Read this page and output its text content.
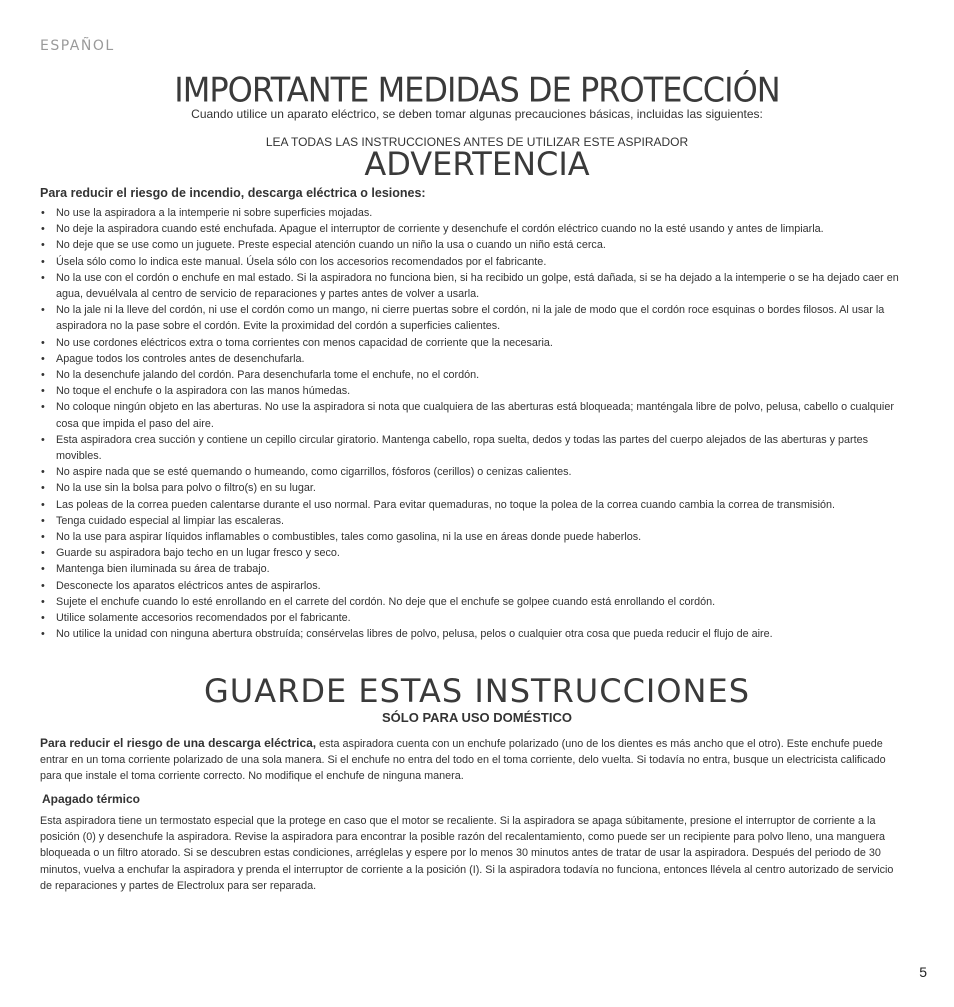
ESPAÑOL
IMPORTANTE MEDIDAS DE PROTECCIÓN
Cuando utilice un aparato eléctrico, se deben tomar algunas precauciones básicas, incluidas las siguientes:
LEA TODAS LAS INSTRUCCIONES ANTES DE UTILIZAR ESTE ASPIRADOR
ADVERTENCIA
Para reducir el riesgo de incendio, descarga eléctrica o lesiones:
• No use la aspiradora a la intemperie ni sobre superficies mojadas.
• No deje la aspiradora cuando esté enchufada. Apague el interruptor de corriente y desenchufe el cordón eléctrico cuando no la esté usando y antes de limpiarla.
• No deje que se use como un juguete. Preste especial atención cuando un niño la usa o cuando un niño está cerca.
• Úsela sólo como lo indica este manual. Úsela sólo con los accesorios recomendados por el fabricante.
• No la use con el cordón o enchufe en mal estado. Si la aspiradora no funciona bien, si ha recibido un golpe, está dañada, si se ha dejado a la intemperie o se ha dejado caer en agua, devuélvala al centro de servicio de reparaciones y partes antes de volver a usarla.
• No la jale ni la lleve del cordón, ni use el cordón como un mango, ni cierre puertas sobre el cordón, ni la jale de modo que el cordón roce esquinas o bordes filosos. Al usar la aspiradora no la pase sobre el cordón. Evite la proximidad del cordón a superficies calientes.
• No use cordones eléctricos extra o toma corrientes con menos capacidad de corriente que la necesaria.
• Apague todos los controles antes de desenchufarla.
• No la desenchufe jalando del cordón. Para desenchufarla tome el enchufe, no el cordón.
• No toque el enchufe o la aspiradora con las manos húmedas.
• No coloque ningún objeto en las aberturas. No use la aspiradora si nota que cualquiera de las aberturas está bloqueada; manténgala libre de polvo, pelusa, cabello o cualquier cosa que impida el paso del aire.
• Esta aspiradora crea succión y contiene un cepillo circular giratorio. Mantenga cabello, ropa suelta, dedos y todas las partes del cuerpo alejados de las aberturas y partes movibles.
• No aspire nada que se esté quemando o humeando, como cigarrillos, fósforos (cerillos) o cenizas calientes.
• No la use sin la bolsa para polvo o filtro(s) en su lugar.
• Las poleas de la correa pueden calentarse durante el uso normal. Para evitar quemaduras, no toque la polea de la correa cuando cambia la correa de transmisión.
• Tenga cuidado especial al limpiar las escaleras.
• No la use para aspirar líquidos inflamables o combustibles, tales como gasolina, ni la use en áreas donde puede haberlos.
• Guarde su aspiradora bajo techo en un lugar fresco y seco.
• Mantenga bien iluminada su área de trabajo.
• Desconecte los aparatos eléctricos antes de aspirarlos.
• Sujete el enchufe cuando lo esté enrollando en el carrete del cordón. No deje que el enchufe se golpee cuando está enrollando el cordón.
• Utilice solamente accesorios recomendados por el fabricante.
• No utilice la unidad con ninguna abertura obstruída; consérvelas libres de polvo, pelusa, pelos o cualquier otra cosa que pueda reducir el flujo de aire.
GUARDE ESTAS INSTRUCCIONES
SÓLO PARA USO DOMÉSTICO
Para reducir el riesgo de una descarga eléctrica, esta aspiradora cuenta con un enchufe polarizado (uno de los dientes es más ancho que el otro). Este enchufe puede entrar en un toma corriente polarizado de una sola manera. Si el enchufe no entra del todo en el toma corriente, delo vuelta. Si todavía no entra, busque un electricista calificado para que instale el toma corriente correcto. No modifique el enchufe de ninguna manera.
Apagado térmico
Esta aspiradora tiene un termostato especial que la protege en caso que el motor se recaliente. Si la aspiradora se apaga súbitamente, presione el interruptor de corriente a la posición (0) y desenchufe la aspiradora. Revise la aspiradora para encontrar la posible razón del recalentamiento, como puede ser un recipiente para polvo lleno, una manguera bloqueada o un filtro atorado. Si se descubren estas condiciones, arréglelas y espere por lo menos 30 minutos antes de tratar de usar la aspiradora. Después del periodo de 30 minutos, vuelva a enchufar la aspiradora y prenda el interruptor de corriente a la posición (I). Si la aspiradora todavía no funciona, entonces llévela al centro autorizado de servicio de reparaciones y partes de Electrolux para ser reparada.
5
